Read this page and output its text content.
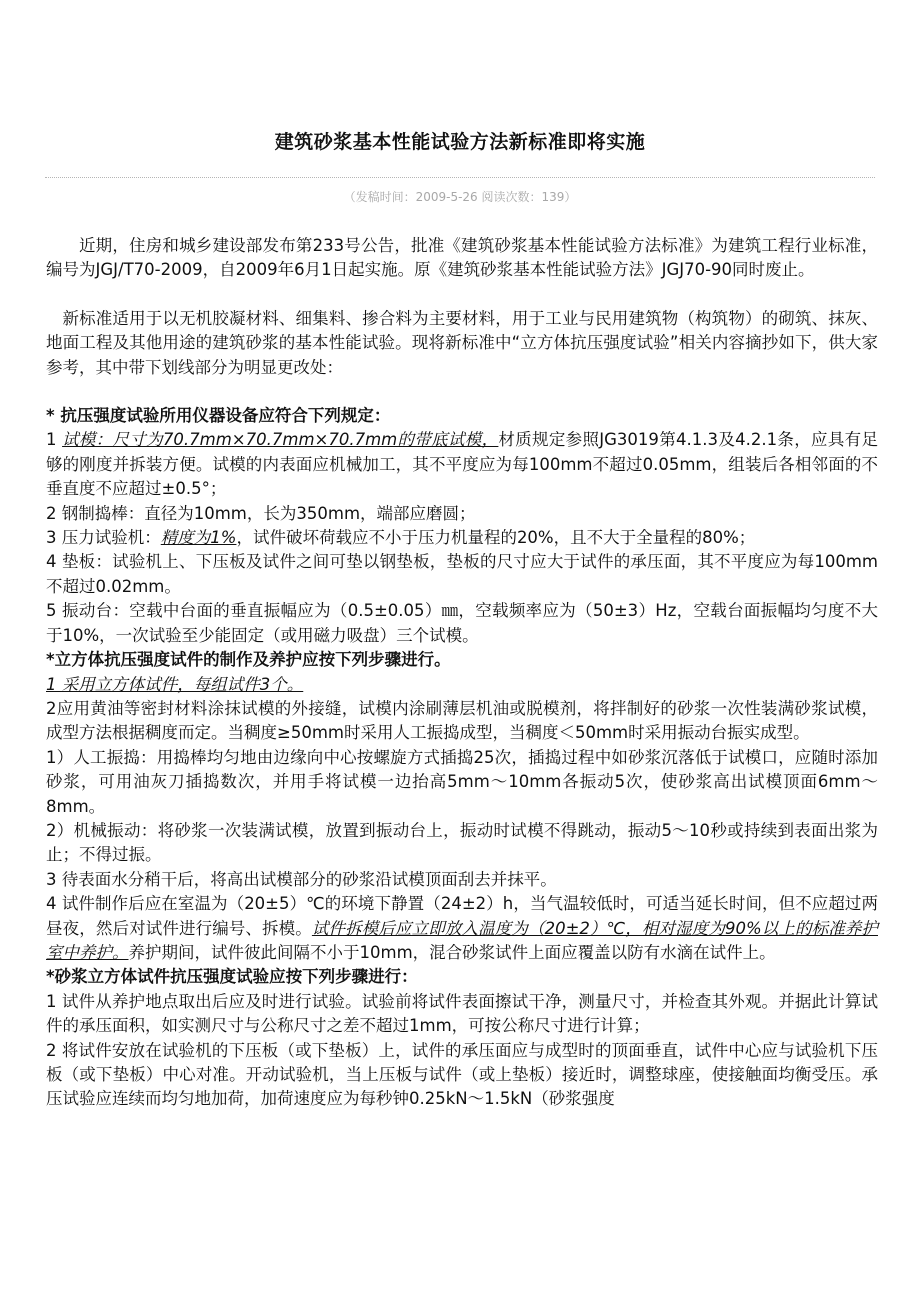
建筑砂浆基本性能试验方法新标准即将实施
（发稿时间：2009-5-26 阅读次数：139）

近期，住房和城乡建设部发布第233号公告，批准《建筑砂浆基本性能试验方法标准》为建筑工程行业标准，编号为JGJ/T70-2009，自2009年6月1日起实施。原《建筑砂浆基本性能试验方法》JGJ70-90同时废止。

新标准适用于以无机胶凝材料、细集料、掺合料为主要材料，用于工业与民用建筑物（构筑物）的砌筑、抹灰、地面工程及其他用途的建筑砂浆的基本性能试验。现将新标准中“立方体抗压强度试验”相关内容摘抄如下，供大家参考，其中带下划线部分为明显更改处：

* 抗压强度试验所用仪器设备应符合下列规定：

1 试模：尺寸为70.7mm×70.7mm×70.7mm的带底试模，材质规定参照JG3019第4.1.3及4.2.1条，应具有足够的刚度并拆装方便。试模的内表面应机械加工，其不平度应为每100mm不超过0.05mm，组装后各相邻面的不垂直度不应超过±0.5°；

2 钢制捣棒：直径为10mm，长为350mm，端部应磨圆；

3 压力试验机：精度为1%，试件破坏荷载应不小于压力机量程的20%，且不大于全量程的80%；

4 垫板：试验机上、下压板及试件之间可垫以钢垫板，垫板的尺寸应大于试件的承压面，其不平度应为每100mm不超过0.02mm。

5 振动台：空载中台面的垂直振幅应为（0.5±0.05）㎜，空载频率应为（50±3）Hz，空载台面振幅均匀度不大于10%，一次试验至少能固定（或用磁力吸盘）三个试模。

*立方体抗压强度试件的制作及养护应按下列步骤进行。

1 采用立方体试件，每组试件3个。

2应用黄油等密封材料涂抹试模的外接缝，试模内涂刷薄层机油或脱模剂，将拌制好的砂浆一次性装满砂浆试模，成型方法根据稠度而定。当稠度≥50mm时采用人工振捣成型，当稠度＜50mm时采用振动台振实成型。

1）人工振捣：用捣棒均匀地由边缘向中心按螺旋方式插捣25次，插捣过程中如砂浆沉落低于试模口，应随时添加砂浆，可用油灰刀插捣数次，并用手将试模一边抬高5mm～10mm各振动5次，使砂浆高出试模顶面6mm～8mm。

2）机械振动：将砂浆一次装满试模，放置到振动台上，振动时试模不得跳动，振动5～10秒或持续到表面出浆为止；不得过振。

3 待表面水分稍干后，将高出试模部分的砂浆沿试模顶面刮去并抹平。

4 试件制作后应在室温为（20±5）℃的环境下静置（24±2）h，当气温较低时，可适当延长时间，但不应超过两昼夜，然后对试件进行编号、拆模。试件拆模后应立即放入温度为（20±2）℃，相对湿度为90%以上的标准养护室中养护。养护期间，试件彼此间隔不小于10mm，混合砂浆试件上面应覆盖以防有水滴在试件上。

*砂浆立方体试件抗压强度试验应按下列步骤进行：

1 试件从养护地点取出后应及时进行试验。试验前将试件表面擦试干净，测量尺寸，并检查其外观。并据此计算试件的承压面积，如实测尺寸与公称尺寸之差不超过1mm，可按公称尺寸进行计算；

2 将试件安放在试验机的下压板（或下垫板）上，试件的承压面应与成型时的顶面垂直，试件中心应与试验机下压板（或下垫板）中心对准。开动试验机，当上压板与试件（或上垫板）接近时，调整球座，使接触面均衡受压。承压试验应连续而均匀地加荷，加荷速度应为每秒钟0.25kN～1.5kN（砂浆强度
